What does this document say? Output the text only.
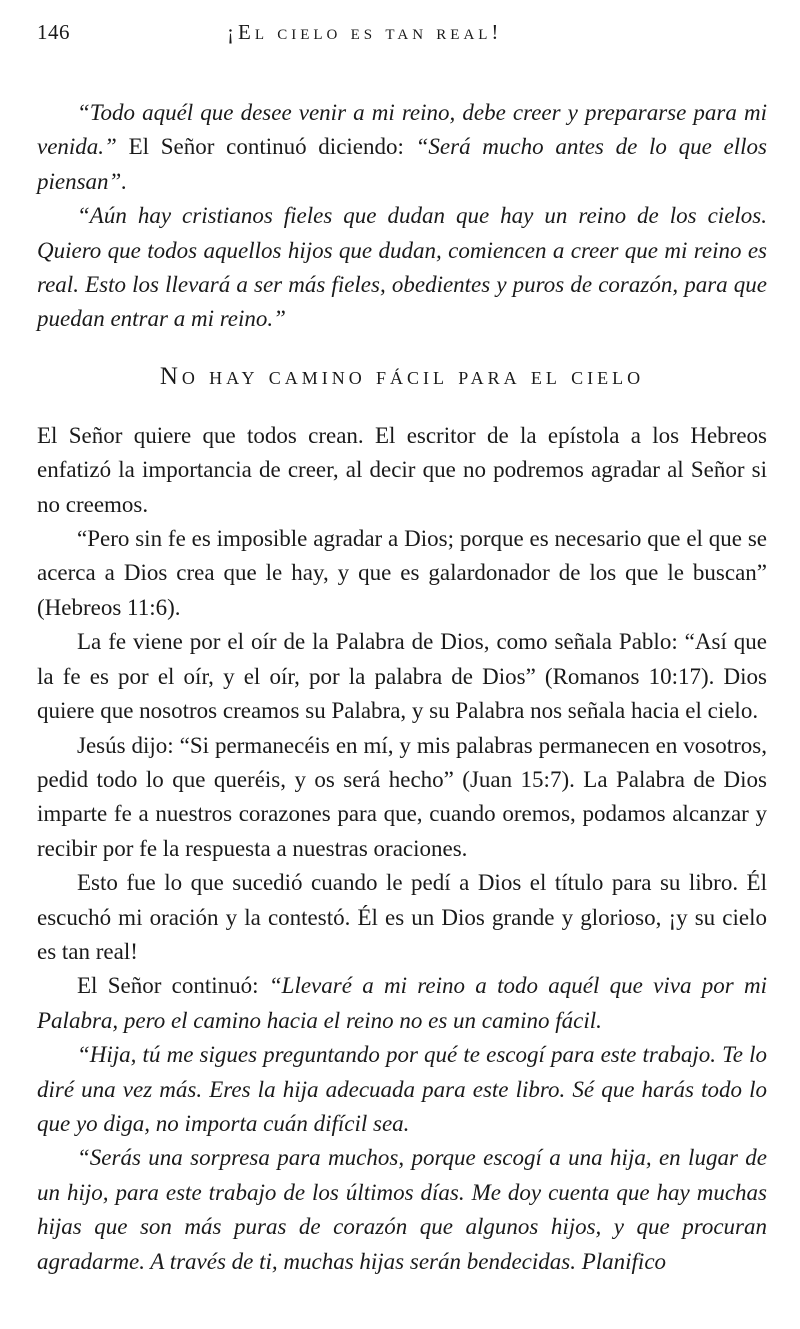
146	¡El cielo es tan real!

“Todo aquél que desee venir a mi reino, debe creer y prepararse para mi venida.” El Señor continuó diciendo: “Será mucho antes de lo que ellos piensan”.

“Aún hay cristianos fieles que dudan que hay un reino de los cielos. Quiero que todos aquellos hijos que dudan, comiencen a creer que mi reino es real. Esto los llevará a ser más fieles, obedientes y puros de corazón, para que puedan entrar a mi reino.”

No hay camino fácil para el cielo

El Señor quiere que todos crean. El escritor de la epístola a los Hebreos enfatizó la importancia de creer, al decir que no podremos agradar al Señor si no creemos.

“Pero sin fe es imposible agradar a Dios; porque es necesario que el que se acerca a Dios crea que le hay, y que es galardonador de los que le buscan” (Hebreos 11:6).

La fe viene por el oír de la Palabra de Dios, como señala Pablo: “Así que la fe es por el oír, y el oír, por la palabra de Dios” (Romanos 10:17). Dios quiere que nosotros creamos su Palabra, y su Palabra nos señala hacia el cielo.

Jesús dijo: “Si permanecéis en mí, y mis palabras permanecen en vosotros, pedid todo lo que queréis, y os será hecho” (Juan 15:7). La Palabra de Dios imparte fe a nuestros corazones para que, cuando oremos, podamos alcanzar y recibir por fe la respuesta a nuestras oraciones.

Esto fue lo que sucedió cuando le pedí a Dios el título para su libro. Él escuchó mi oración y la contestó. Él es un Dios grande y glorioso, ¡y su cielo es tan real!

El Señor continuó: “Llevaré a mi reino a todo aquél que viva por mi Palabra, pero el camino hacia el reino no es un camino fácil.

“Hija, tú me sigues preguntando por qué te escogí para este trabajo. Te lo diré una vez más. Eres la hija adecuada para este libro. Sé que harás todo lo que yo diga, no importa cuán difícil sea.

“Serás una sorpresa para muchos, porque escogí a una hija, en lugar de un hijo, para este trabajo de los últimos días. Me doy cuenta que hay muchas hijas que son más puras de corazón que algunos hijos, y que procuran agradarme. A través de ti, muchas hijas serán bendecidas. Planifico
